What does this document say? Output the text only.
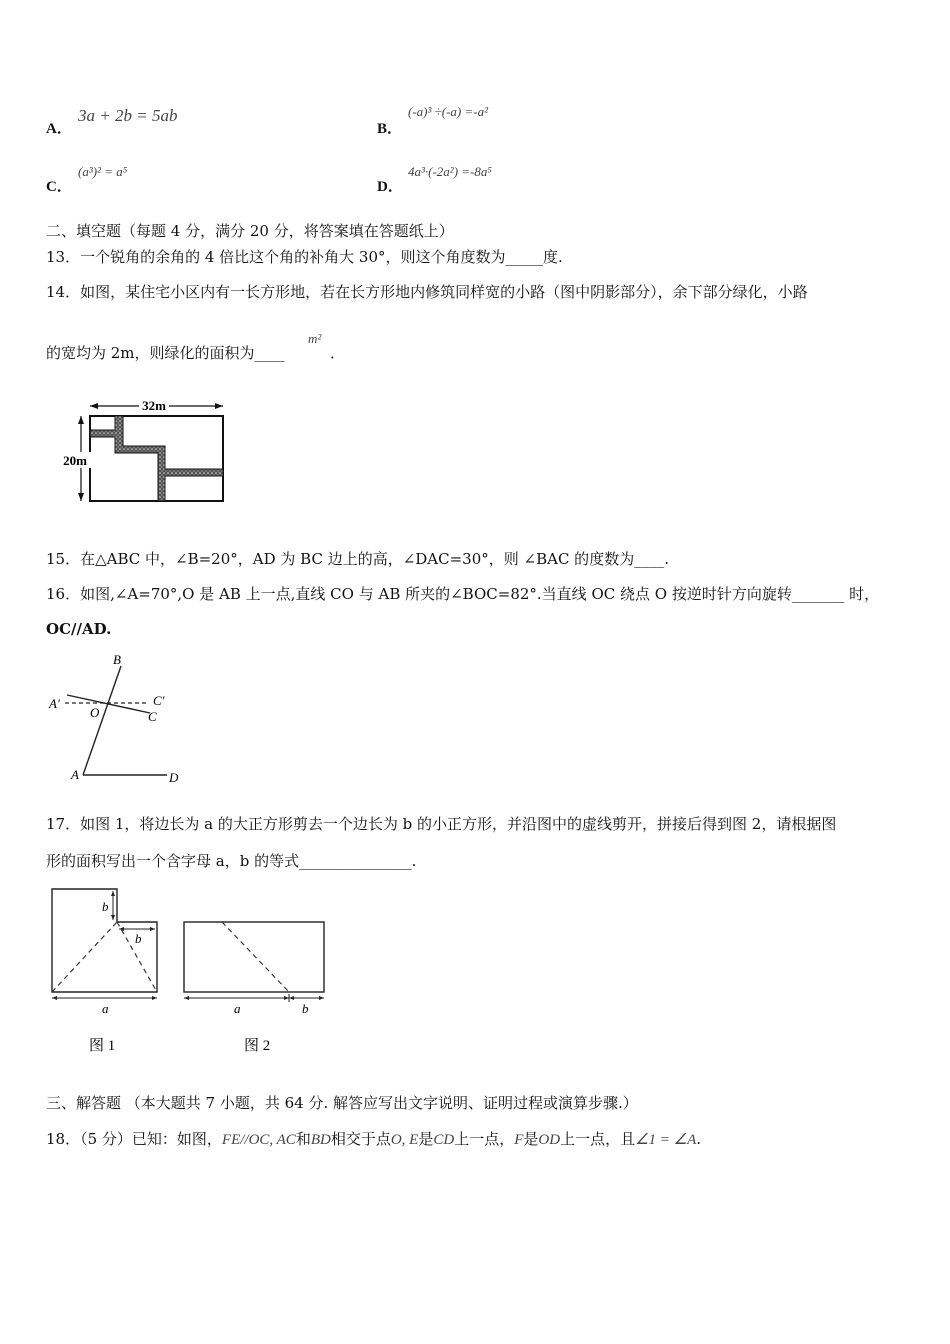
A．
3a + 2b = 5ab
B．
(-a)³ ÷(-a) =-a²
C．
(a³)² = a⁵
D．
4a³·(-2a²) =-8a⁵
二、填空题（每题 4 分，满分 20 分，将答案填在答题纸上）
13．一个锐角的余角的 4 倍比这个角的补角大 30°，则这个角度数为_____度.
14．如图，某住宅小区内有一长方形地，若在长方形地内修筑同样宽的小路（图中阴影部分），余下部分绿化，小路
的宽均为 2m，则绿化的面积为____
m²
．
32m
20m
15．在△ABC 中，∠B=20°，AD 为 BC 边上的高，∠DAC=30°，则 ∠BAC 的度数为____.
16．如图,∠A=70°,O 是 AB 上一点,直线 CO 与 AB 所夹的∠BOC=82°.当直线 OC 绕点 O 按逆时针方向旋转_______ 时，
OC//AD.
B
A′
O
C′
C
A	D
17．如图 1，将边长为 a 的大正方形剪去一个边长为 b 的小正方形，并沿图中的虚线剪开，拼接后得到图 2，请根据图
形的面积写出一个含字母 a，b 的等式_______________.
b
b
a
图 1
a	b
图 2
三、解答题 （本大题共 7 小题，共 64 分. 解答应写出文字说明、证明过程或演算步骤.）
18．（5 分）已知：如图，FE//OC, AC和BD相交于点O, E是CD上一点，F是OD上一点，且∠1 = ∠A.
